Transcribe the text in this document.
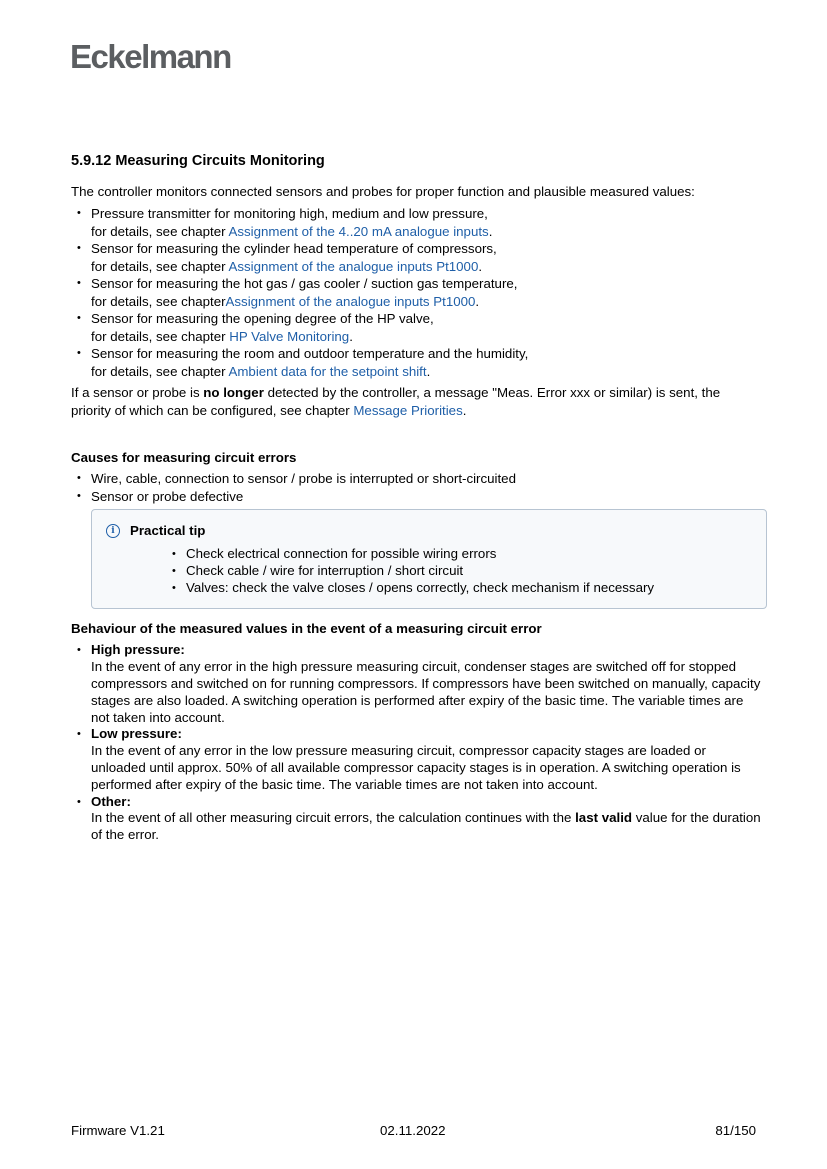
Eckelmann
5.9.12 Measuring Circuits Monitoring

The controller monitors connected sensors and probes for proper function and plausible measured values:

• Pressure transmitter for monitoring high, medium and low pressure,
for details, see chapter Assignment of the 4..20 mA analogue inputs.
• Sensor for measuring the cylinder head temperature of compressors,
for details, see chapter Assignment of the analogue inputs Pt1000.
• Sensor for measuring the hot gas / gas cooler / suction gas temperature,
for details, see chapterAssignment of the analogue inputs Pt1000.
• Sensor for measuring the opening degree of the HP valve,
for details, see chapter HP Valve Monitoring.
• Sensor for measuring the room and outdoor temperature and the humidity,
for details, see chapter Ambient data for the setpoint shift.

If a sensor or probe is no longer detected by the controller, a message "Meas. Error xxx or similar) is sent, the priority of which can be configured, see chapter Message Priorities.

Causes for measuring circuit errors
• Wire, cable, connection to sensor / probe is interrupted or short-circuited
• Sensor or probe defective
i	Practical tip
• Check electrical connection for possible wiring errors
• Check cable / wire for interruption / short circuit
• Valves: check the valve closes / opens correctly, check mechanism if necessary
Behaviour of the measured values in the event of a measuring circuit error
• High pressure:
In the event of any error in the high pressure measuring circuit, condenser stages are switched off for stopped compressors and switched on for running compressors. If compressors have been switched on manually, capacity stages are also loaded. A switching operation is performed after expiry of the basic time. The variable times are not taken into account.
• Low pressure:
In the event of any error in the low pressure measuring circuit, compressor capacity stages are loaded or unloaded until approx. 50% of all available compressor capacity stages is in operation. A switching operation is performed after expiry of the basic time. The variable times are not taken into account.
• Other:
In the event of all other measuring circuit errors, the calculation continues with the last valid value for the duration of the error.
Firmware V1.21	02.11.2022	81/150
